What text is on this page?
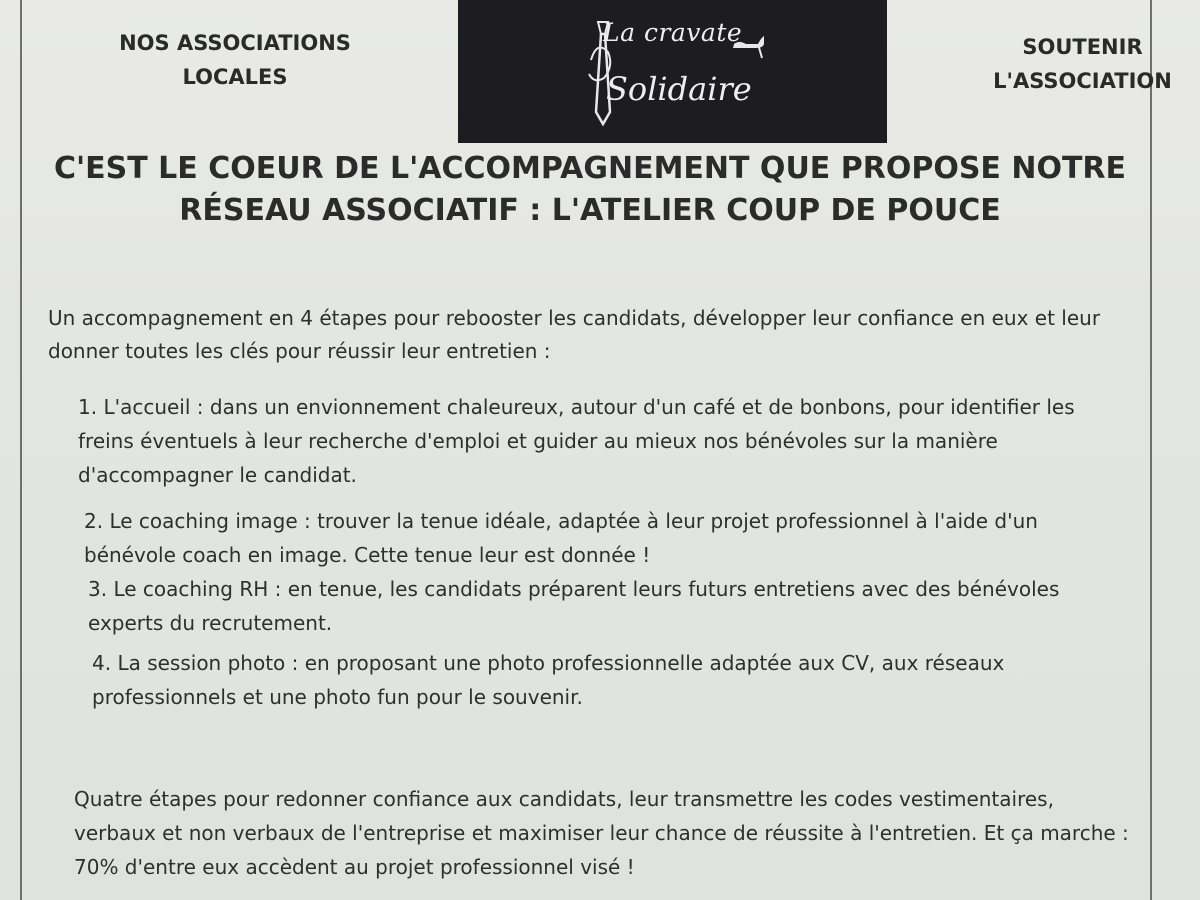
NOS ASSOCIATIONS LOCALES
La cravate
Solidaire
SOUTENIR L'ASSOCIATION
C'EST LE COEUR DE L'ACCOMPAGNEMENT QUE PROPOSE NOTRE RÉSEAU ASSOCIATIF : L'ATELIER COUP DE POUCE

Un accompagnement en 4 étapes pour rebooster les candidats, développer leur confiance en eux et leur donner toutes les clés pour réussir leur entretien :

1. L'accueil : dans un envionnement chaleureux, autour d'un café et de bonbons, pour identifier les freins éventuels à leur recherche d'emploi et guider au mieux nos bénévoles sur la manière d'accompagner le candidat.

2. Le coaching image : trouver la tenue idéale, adaptée à leur projet professionnel à l'aide d'un bénévole coach en image. Cette tenue leur est donnée !

3. Le coaching RH : en tenue, les candidats préparent leurs futurs entretiens avec des bénévoles experts du recrutement.

4. La session photo : en proposant une photo professionnelle adaptée aux CV, aux réseaux professionnels et une photo fun pour le souvenir.

Quatre étapes pour redonner confiance aux candidats, leur transmettre les codes vestimentaires, verbaux et non verbaux de l'entreprise et maximiser leur chance de réussite à l'entretien. Et ça marche : 70% d'entre eux accèdent au projet professionnel visé !
